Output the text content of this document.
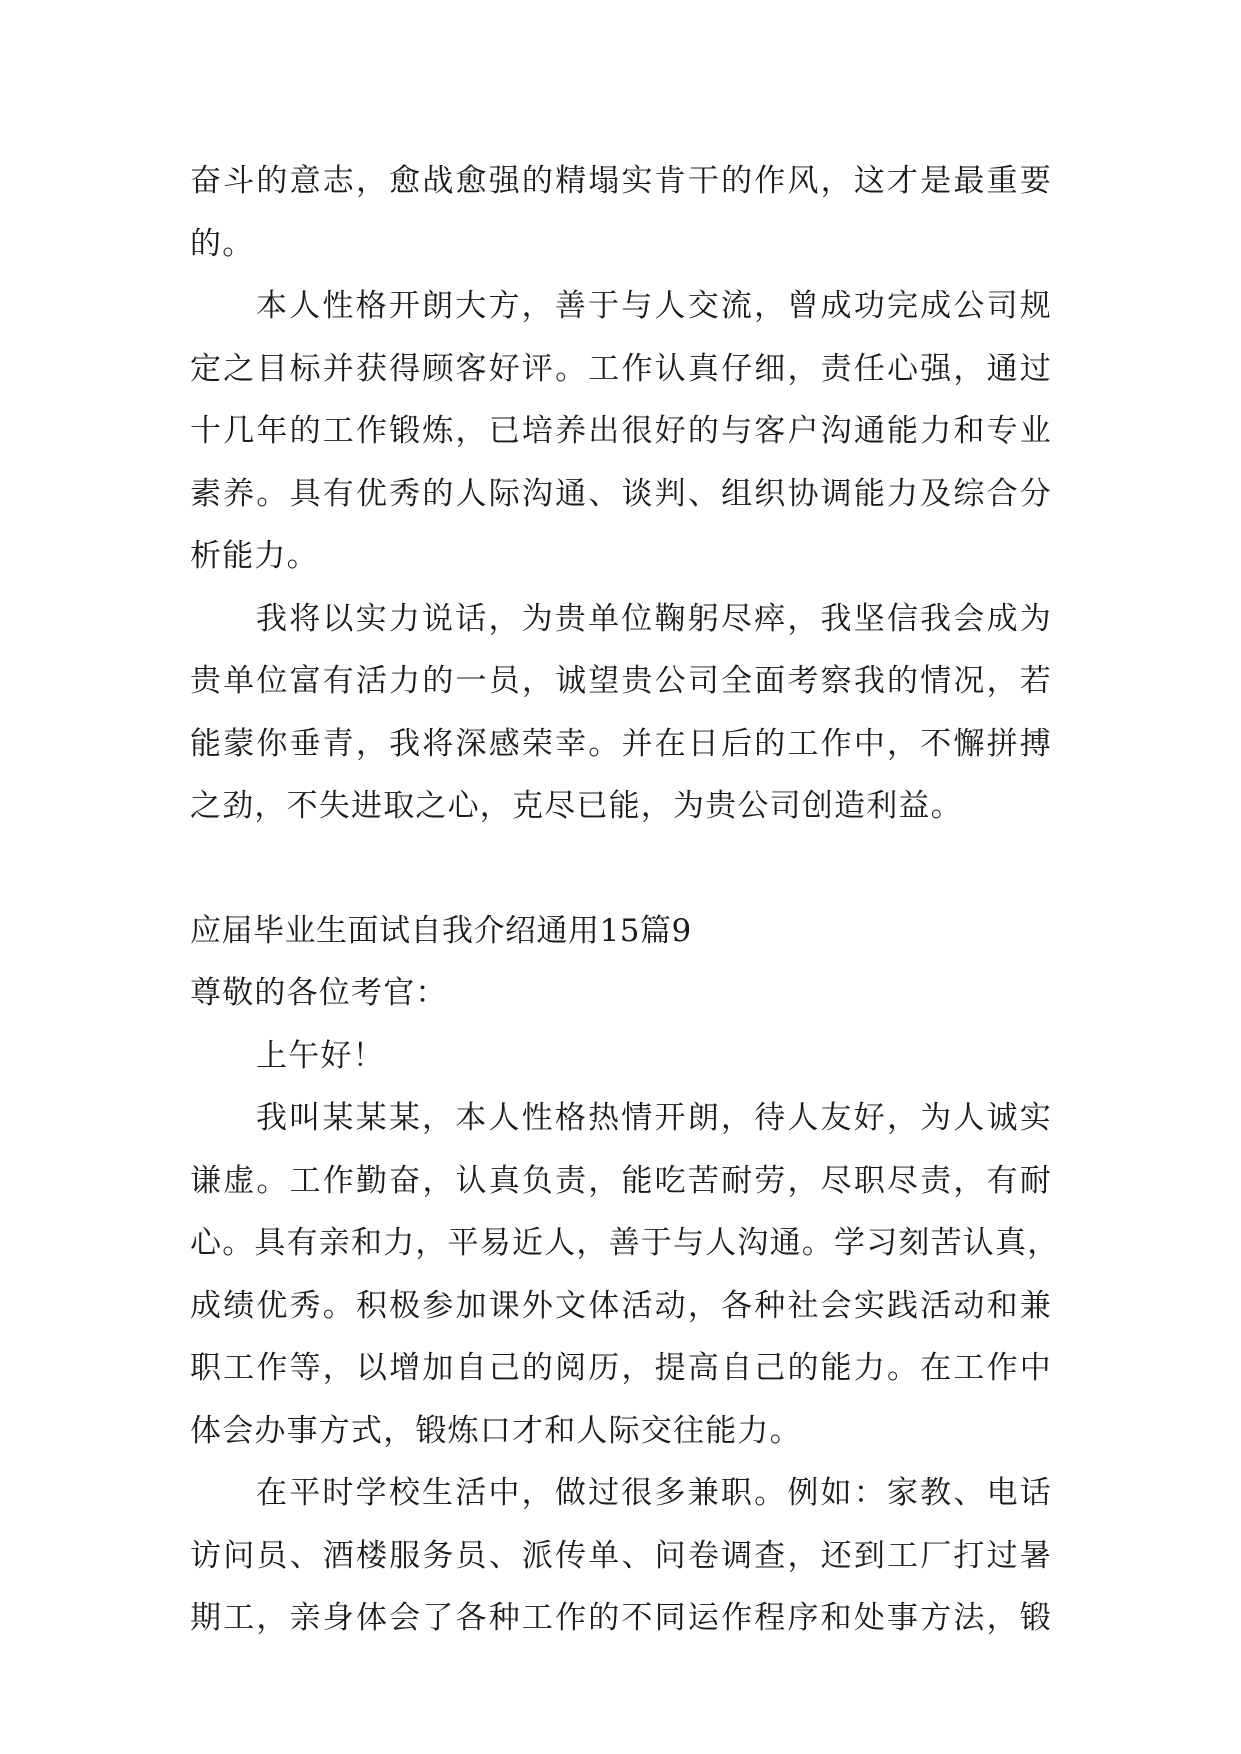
奋斗的意志，愈战愈强的精塌实肯干的作风，这才是最重要
的。
本人性格开朗大方，善于与人交流，曾成功完成公司规
定之目标并获得顾客好评。工作认真仔细，责任心强，通过
十几年的工作锻炼，已培养出很好的与客户沟通能力和专业
素养。具有优秀的人际沟通、谈判、组织协调能力及综合分
析能力。
我将以实力说话，为贵单位鞠躬尽瘁，我坚信我会成为
贵单位富有活力的一员，诚望贵公司全面考察我的情况，若
能蒙你垂青，我将深感荣幸。并在日后的工作中，不懈拼搏
之劲，不失进取之心，克尽已能，为贵公司创造利益。
应届毕业生面试自我介绍通用15篇9
尊敬的各位考官：
上午好！
我叫某某某，本人性格热情开朗，待人友好，为人诚实
谦虚。工作勤奋，认真负责，能吃苦耐劳，尽职尽责，有耐
心。具有亲和力，平易近人，善于与人沟通。学习刻苦认真，
成绩优秀。积极参加课外文体活动，各种社会实践活动和兼
职工作等，以增加自己的阅历，提高自己的能力。在工作中
体会办事方式，锻炼口才和人际交往能力。
在平时学校生活中，做过很多兼职。例如：家教、电话
访问员、酒楼服务员、派传单、问卷调查，还到工厂打过暑
期工，亲身体会了各种工作的不同运作程序和处事方法，锻
